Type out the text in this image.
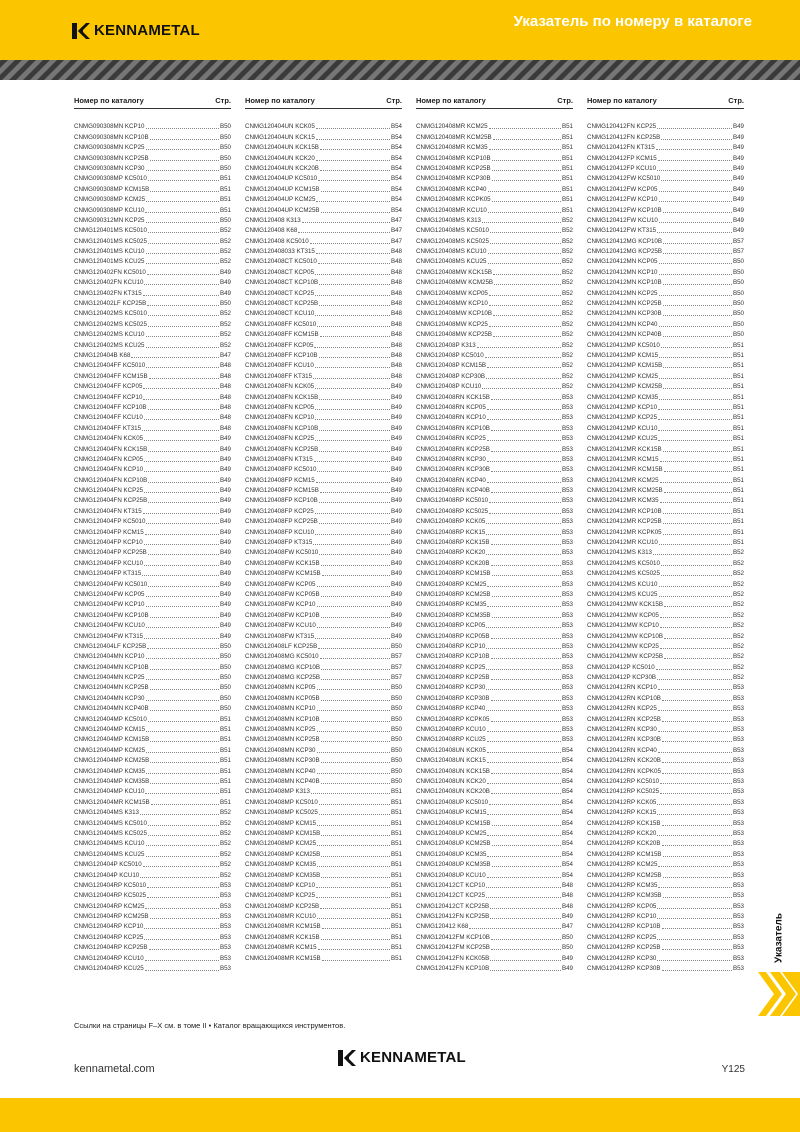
KENNAMETAL
Указатель по номеру в каталоге
Номер по каталогу	Стр.
CNMG090308MN KCP10	B50
CNMG090308MN KCP10B	B50
CNMG090308MN KCP25	B50
CNMG090308MN KCP25B	B50
CNMG090308MN KCP30	B50
CNMG090308MP KC5010	B51
CNMG090308MP KCM15B	B51
CNMG090308MP KCM25	B51
CNMG090308MP KCU10	B51
CNMG090312MN KCP25	B50
CNMG120401MS KC5010	B52
CNMG120401MS KC5025	B52
CNMG120401MS KCU10	B52
CNMG120401MS KCU25	B52
CNMG120402FN KC5010	B49
CNMG120402FN KCU10	B49
CNMG120402FN KT315	B49
CNMG120402LF KCP25B	B50
CNMG120402MS KC5010	B52
CNMG120402MS KC5025	B52
CNMG120402MS KCU10	B52
CNMG120402MS KCU25	B52
CNMG120404B K68	B47
CNMG120404FF KC5010	B48
CNMG120404FF KCM15B	B48
CNMG120404FF KCP05	B48
CNMG120404FF KCP10	B48
CNMG120404FF KCP10B	B48
CNMG120404FF KCU10	B48
CNMG120404FF KT315	B48
CNMG120404FN KCK05	B49
CNMG120404FN KCK15B	B49
CNMG120404FN KCP05	B49
CNMG120404FN KCP10	B49
CNMG120404FN KCP10B	B49
CNMG120404FN KCP25	B49
CNMG120404FN KCP25B	B49
CNMG120404FN KT315	B49
CNMG120404FP KC5010	B49
CNMG120404FP KCM15	B49
CNMG120404FP KCP10	B49
CNMG120404FP KCP25B	B49
CNMG120404FP KCU10	B49
CNMG120404FP KT315	B49
CNMG120404FW KC5010	B49
CNMG120404FW KCP05	B49
CNMG120404FW KCP10	B49
CNMG120404FW KCP10B	B49
CNMG120404FW KCU10	B49
CNMG120404FW KT315	B49
CNMG120404LF KCP25B	B50
CNMG120404MN KCP10	B50
CNMG120404MN KCP10B	B50
CNMG120404MN KCP25	B50
CNMG120404MN KCP25B	B50
CNMG120404MN KCP30	B50
CNMG120404MN KCP40B	B50
CNMG120404MP KC5010	B51
CNMG120404MP KCM15	B51
CNMG120404MP KCM15B	B51
CNMG120404MP KCM25	B51
CNMG120404MP KCM25B	B51
CNMG120404MP KCM35	B51
CNMG120404MP KCM35B	B51
CNMG120404MP KCU10	B51
CNMG120404MR KCM15B	B51
CNMG120404MS K313	B52
CNMG120404MS KC5010	B52
CNMG120404MS KC5025	B52
CNMG120404MS KCU10	B52
CNMG120404MS KCU25	B52
CNMG120404P KC5010	B52
CNMG120404P KCU10	B52
CNMG120404RP KC5010	B53
CNMG120404RP KC5025	B53
CNMG120404RP KCM25	B53
CNMG120404RP KCM25B	B53
CNMG120404RP KCP10	B53
CNMG120404RP KCP25	B53
CNMG120404RP KCP25B	B53
CNMG120404RP KCU10	B53
CNMG120404RP KCU25	B53
Номер по каталогу	Стр.
CNMG120404UN KCK05	B54
CNMG120404UN KCK15	B54
CNMG120404UN KCK15B	B54
CNMG120404UN KCK20	B54
CNMG120404UN KCK20B	B54
CNMG120404UP KC5010	B54
CNMG120404UP KCM15B	B54
CNMG120404UP KCM25	B54
CNMG120404UP KCM25B	B54
CNMG120408 K313	B47
CNMG120408 K68	B47
CNMG120408 KC5010	B47
CNMG120408033 KT315	B48
CNMG120408CT KC5010	B48
CNMG120408CT KCP05	B48
CNMG120408CT KCP10B	B48
CNMG120408CT KCP25	B48
CNMG120408CT KCP25B	B48
CNMG120408CT KCU10	B48
CNMG120408FF KC5010	B48
CNMG120408FF KCM15B	B48
CNMG120408FF KCP05	B48
CNMG120408FF KCP10B	B48
CNMG120408FF KCU10	B48
CNMG120408FF KT315	B48
CNMG120408FN KCK05	B49
CNMG120408FN KCK15B	B49
CNMG120408FN KCP05	B49
CNMG120408FN KCP10	B49
CNMG120408FN KCP10B	B49
CNMG120408FN KCP25	B49
CNMG120408FN KCP25B	B49
CNMG120408FN KT315	B49
CNMG120408FP KC5010	B49
CNMG120408FP KCM15	B49
CNMG120408FP KCM15B	B49
CNMG120408FP KCP10B	B49
CNMG120408FP KCP25	B49
CNMG120408FP KCP25B	B49
CNMG120408FP KCU10	B49
CNMG120408FP KT315	B49
CNMG120408FW KC5010	B49
CNMG120408FW KCK15B	B49
CNMG120408FW KCM15B	B49
CNMG120408FW KCP05	B49
CNMG120408FW KCP05B	B49
CNMG120408FW KCP10	B49
CNMG120408FW KCP10B	B49
CNMG120408FW KCU10	B49
CNMG120408FW KT315	B49
CNMG120408LF KCP25B	B50
CNMG120408MG KC5010	B57
CNMG120408MG KCP10B	B57
CNMG120408MG KCP25B	B57
CNMG120408MN KCP05	B50
CNMG120408MN KCP05B	B50
CNMG120408MN KCP10	B50
CNMG120408MN KCP10B	B50
CNMG120408MN KCP25	B50
CNMG120408MN KCP25B	B50
CNMG120408MN KCP30	B50
CNMG120408MN KCP30B	B50
CNMG120408MN KCP40	B50
CNMG120408MN KCP40B	B50
CNMG120408MP K313	B51
CNMG120408MP KC5010	B51
CNMG120408MP KC5025	B51
CNMG120408MP KCM15	B51
CNMG120408MP KCM15B	B51
CNMG120408MP KCM25	B51
CNMG120408MP KCM25B	B51
CNMG120408MP KCM35	B51
CNMG120408MP KCM35B	B51
CNMG120408MP KCP10	B51
CNMG120408MP KCP25	B51
CNMG120408MP KCP25B	B51
CNMG120408MR KCU10	B51
CNMG120408MR KCM15B	B51
CNMG120408MR KCK15B	B51
CNMG120408MR KCM15	B51
CNMG120408MR KCM15B	B51
Номер по каталогу	Стр.
CNMG120408MR KCM25	B51
CNMG120408MR KCM25B	B51
CNMG120408MR KCM35	B51
CNMG120408MR KCP10B	B51
CNMG120408MR KCP25B	B51
CNMG120408MR KCP30B	B51
CNMG120408MR KCP40	B51
CNMG120408MR KCPK05	B51
CNMG120408MR KCU10	B51
CNMG120408MS K313	B52
CNMG120408MS KC5010	B52
CNMG120408MS KC5025	B52
CNMG120408MS KCU10	B52
CNMG120408MS KCU25	B52
CNMG120408MW KCK15B	B52
CNMG120408MW KCM25B	B52
CNMG120408MW KCP05	B52
CNMG120408MW KCP10	B52
CNMG120408MW KCP10B	B52
CNMG120408MW KCP25	B52
CNMG120408MW KCP25B	B52
CNMG120408P K313	B52
CNMG120408P KC5010	B52
CNMG120408P KCM15B	B52
CNMG120408P KCP30B	B52
CNMG120408P KCU10	B52
CNMG120408RN KCK15B	B53
CNMG120408RN KCP05	B53
CNMG120408RN KCP10	B53
CNMG120408RN KCP10B	B53
CNMG120408RN KCP25	B53
CNMG120408RN KCP25B	B53
CNMG120408RN KCP30	B53
CNMG120408RN KCP30B	B53
CNMG120408RN KCP40	B53
CNMG120408RN KCP40B	B53
CNMG120408RP KC5010	B53
CNMG120408RP KC5025	B53
CNMG120408RP KCK05	B53
CNMG120408RP KCK15	B53
CNMG120408RP KCK15B	B53
CNMG120408RP KCK20	B53
CNMG120408RP KCK20B	B53
CNMG120408RP KCM15B	B53
CNMG120408RP KCM25	B53
CNMG120408RP KCM25B	B53
CNMG120408RP KCM35	B53
CNMG120408RP KCM35B	B53
CNMG120408RP KCP05	B53
CNMG120408RP KCP05B	B53
CNMG120408RP KCP10	B53
CNMG120408RP KCP10B	B53
CNMG120408RP KCP25	B53
CNMG120408RP KCP25B	B53
CNMG120408RP KCP30	B53
CNMG120408RP KCP30B	B53
CNMG120408RP KCP40	B53
CNMG120408RP KCPK05	B53
CNMG120408RP KCU10	B53
CNMG120408RP KCU25	B53
CNMG120408UN KCK05	B54
CNMG120408UN KCK15	B54
CNMG120408UN KCK15B	B54
CNMG120408UN KCK20	B54
CNMG120408UN KCK20B	B54
CNMG120408UP KC5010	B54
CNMG120408UP KCM15	B54
CNMG120408UP KCM15B	B54
CNMG120408UP KCM25	B54
CNMG120408UP KCM25B	B54
CNMG120408UP KCM35	B54
CNMG120408UP KCM35B	B54
CNMG120408UP KCU10	B54
CNMG120412CT KCP10	B48
CNMG120412CT KCP25	B48
CNMG120412CT KCP25B	B48
CNMG120412FN KCP25B	B49
CNMG120412 K68	B47
CNMG120412FM KCP10B	B50
CNMG120412FM KCP25B	B50
CNMG120412FN KCK05B	B49
CNMG120412FN KCP10B	B49
Номер по каталогу	Стр.
CNMG120412FN KCP25	B49
CNMG120412FN KCP25B	B49
CNMG120412FN KT315	B49
CNMG120412FP KCM15	B49
CNMG120412FP KCU10	B49
CNMG120412FW KC5010	B49
CNMG120412FW KCP05	B49
CNMG120412FW KCP10	B49
CNMG120412FW KCP10B	B49
CNMG120412FW KCU10	B49
CNMG120412FW KT315	B49
CNMG120412MG KCP10B	B57
CNMG120412MG KCP25B	B57
CNMG120412MN KCP05	B50
CNMG120412MN KCP10	B50
CNMG120412MN KCP10B	B50
CNMG120412MN KCP25	B50
CNMG120412MN KCP25B	B50
CNMG120412MN KCP30B	B50
CNMG120412MN KCP40	B50
CNMG120412MN KCP40B	B50
CNMG120412MP KC5010	B51
CNMG120412MP KCM15	B51
CNMG120412MP KCM15B	B51
CNMG120412MP KCM25	B51
CNMG120412MP KCM25B	B51
CNMG120412MP KCM35	B51
CNMG120412MP KCP10	B51
CNMG120412MP KCP25	B51
CNMG120412MP KCU10	B51
CNMG120412MP KCU25	B51
CNMG120412MR KCK15B	B51
CNMG120412MR KCM15	B51
CNMG120412MR KCM15B	B51
CNMG120412MR KCM25	B51
CNMG120412MR KCM25B	B51
CNMG120412MR KCM35	B51
CNMG120412MR KCP10B	B51
CNMG120412MR KCP25B	B51
CNMG120412MR KCPK05	B51
CNMG120412MR KCU10	B51
CNMG120412MS K313	B52
CNMG120412MS KC5010	B52
CNMG120412MS KC5025	B52
CNMG120412MS KCU10	B52
CNMG120412MS KCU25	B52
CNMG120412MW KCK15B	B52
CNMG120412MW KCP05	B52
CNMG120412MW KCP10	B52
CNMG120412MW KCP10B	B52
CNMG120412MW KCP25	B52
CNMG120412MW KCP25B	B52
CNMG120412P KC5010	B52
CNMG120412P KCP30B	B52
CNMG120412RN KCP10	B53
CNMG120412RN KCP10B	B53
CNMG120412RN KCP25	B53
CNMG120412RN KCP25B	B53
CNMG120412RN KCP30	B53
CNMG120412RN KCP30B	B53
CNMG120412RN KCP40	B53
CNMG120412RN KCK20B	B53
CNMG120412RN KCPK05	B53
CNMG120412RP KC5010	B53
CNMG120412RP KC5025	B53
CNMG120412RP KCK05	B53
CNMG120412RP KCK15	B53
CNMG120412RP KCK15B	B53
CNMG120412RP KCK20	B53
CNMG120412RP KCK20B	B53
CNMG120412RP KCM15B	B53
CNMG120412RP KCM25	B53
CNMG120412RP KCM25B	B53
CNMG120412RP KCM35	B53
CNMG120412RP KCM35B	B53
CNMG120412RP KCP05	B53
CNMG120412RP KCP10	B53
CNMG120412RP KCP10B	B53
CNMG120412RP KCP25	B53
CNMG120412RP KCP25B	B53
CNMG120412RP KCP30	B53
CNMG120412RP KCP30B	B53
Ссылки на страницы F–X см. в томе II • Каталог вращающихся инструментов.
Указатель
kennametal.com
KENNAMETAL
Y125
